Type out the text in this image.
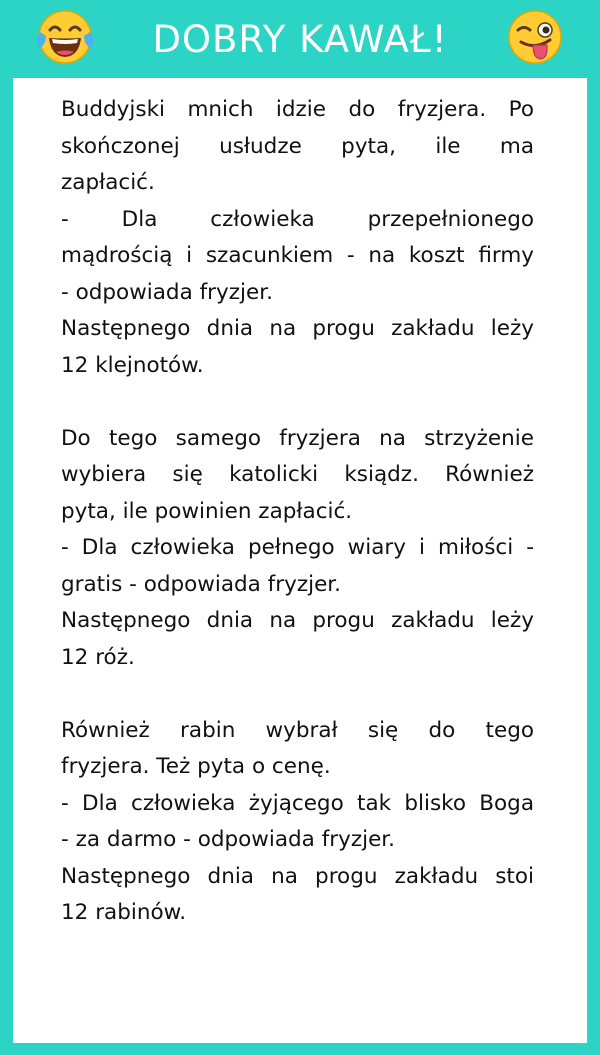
DOBRY KAWAŁ!
Buddyjski mnich idzie do fryzjera. Po
skończonej usłudze pyta, ile ma
zapłacić.
- Dla człowieka przepełnionego
mądrością i szacunkiem - na koszt firmy
- odpowiada fryzjer.
Następnego dnia na progu zakładu leży
12 klejnotów.
Do tego samego fryzjera na strzyżenie
wybiera się katolicki ksiądz. Również
pyta, ile powinien zapłacić.
- Dla człowieka pełnego wiary i miłości -
gratis - odpowiada fryzjer.
Następnego dnia na progu zakładu leży
12 róż.
Również rabin wybrał się do tego
fryzjera. Też pyta o cenę.
- Dla człowieka żyjącego tak blisko Boga
- za darmo - odpowiada fryzjer.
Następnego dnia na progu zakładu stoi
12 rabinów.
